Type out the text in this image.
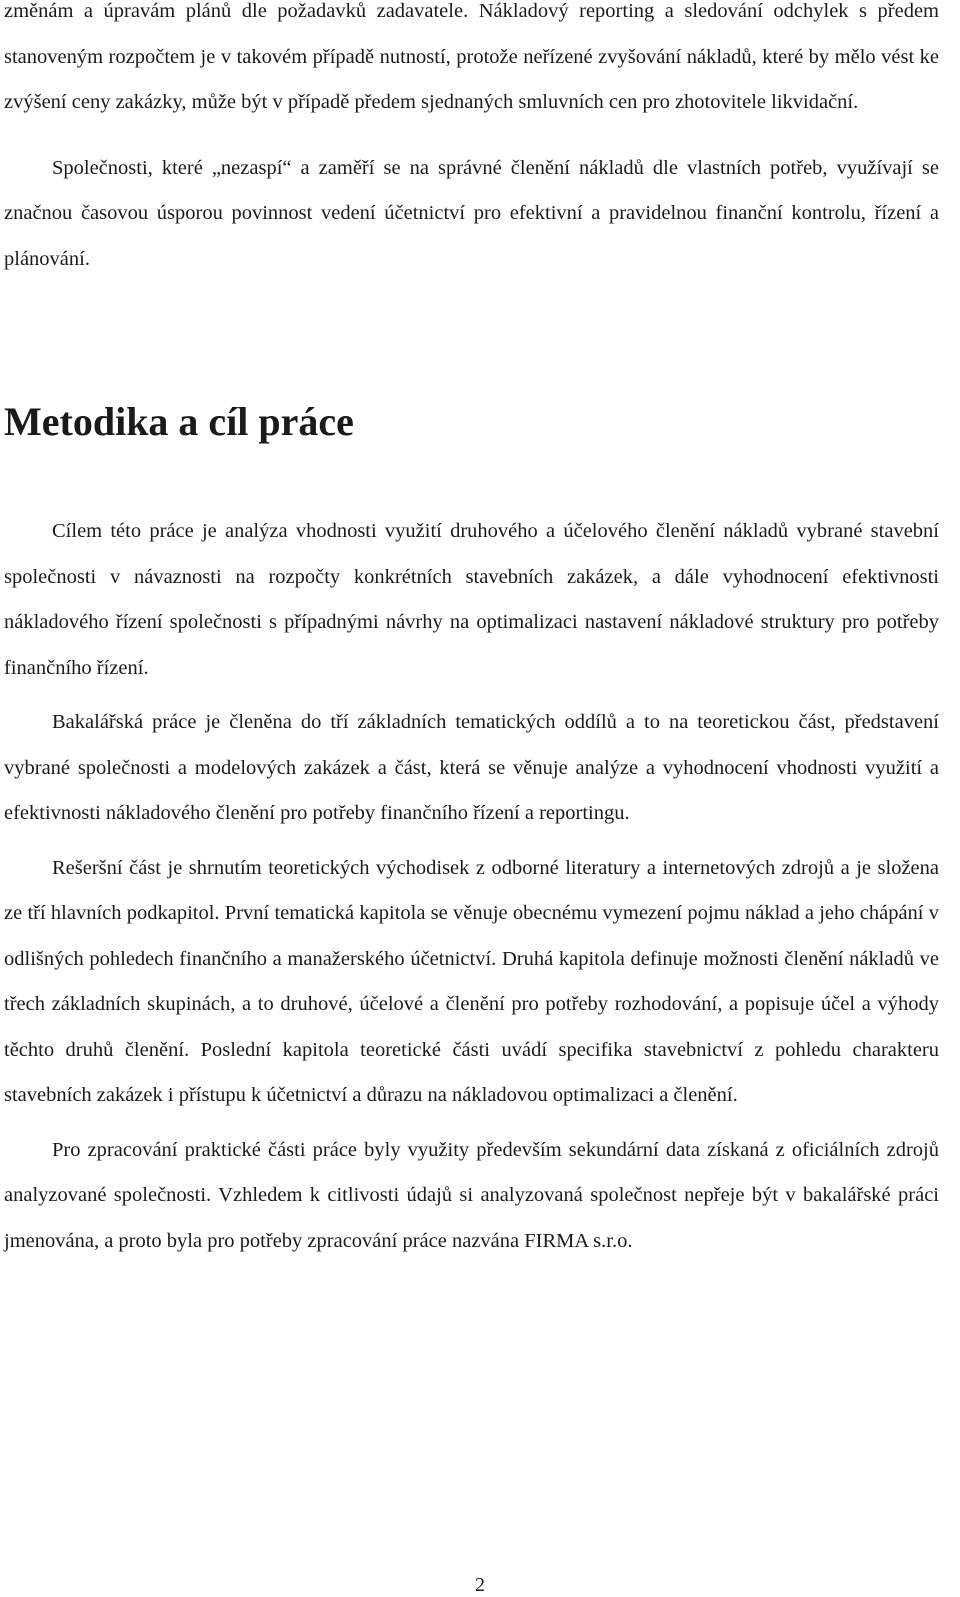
změnám a úpravám plánů dle požadavků zadavatele. Nákladový reporting a sledování odchylek s předem stanoveným rozpočtem je v takovém případě nutností, protože neřízené zvyšování nákladů, které by mělo vést ke zvýšení ceny zakázky, může být v případě předem sjednaných smluvních cen pro zhotovitele likvidační.

Společnosti, které „nezaspí“ a zaměří se na správné členění nákladů dle vlastních potřeb, využívají se značnou časovou úsporou povinnost vedení účetnictví pro efektivní a pravidelnou finanční kontrolu, řízení a plánování.

Metodika a cíl práce

Cílem této práce je analýza vhodnosti využití druhového a účelového členění nákladů vybrané stavební společnosti v návaznosti na rozpočty konkrétních stavebních zakázek, a dále vyhodnocení efektivnosti nákladového řízení společnosti s případnými návrhy na optimalizaci nastavení nákladové struktury pro potřeby finančního řízení.

Bakalářská práce je členěna do tří základních tematických oddílů a to na teoretickou část, představení vybrané společnosti a modelových zakázek a část, která se věnuje analýze a vyhodnocení vhodnosti využití a efektivnosti nákladového členění pro potřeby finančního řízení a reportingu.

Rešeršní část je shrnutím teoretických východisek z odborné literatury a internetových zdrojů a je složena ze tří hlavních podkapitol. První tematická kapitola se věnuje obecnému vymezení pojmu náklad a jeho chápání v odlišných pohledech finančního a manažerského účetnictví. Druhá kapitola definuje možnosti členění nákladů ve třech základních skupinách, a to druhové, účelové a členění pro potřeby rozhodování, a popisuje účel a výhody těchto druhů členění. Poslední kapitola teoretické části uvádí specifika stavebnictví z pohledu charakteru stavebních zakázek i přístupu k účetnictví a důrazu na nákladovou optimalizaci a členění.

Pro zpracování praktické části práce byly využity především sekundární data získaná z oficiálních zdrojů analyzované společnosti. Vzhledem k citlivosti údajů si analyzovaná společnost nepřeje být v bakalářské práci jmenována, a proto byla pro potřeby zpracování práce nazvána FIRMA s.r.o.

2
